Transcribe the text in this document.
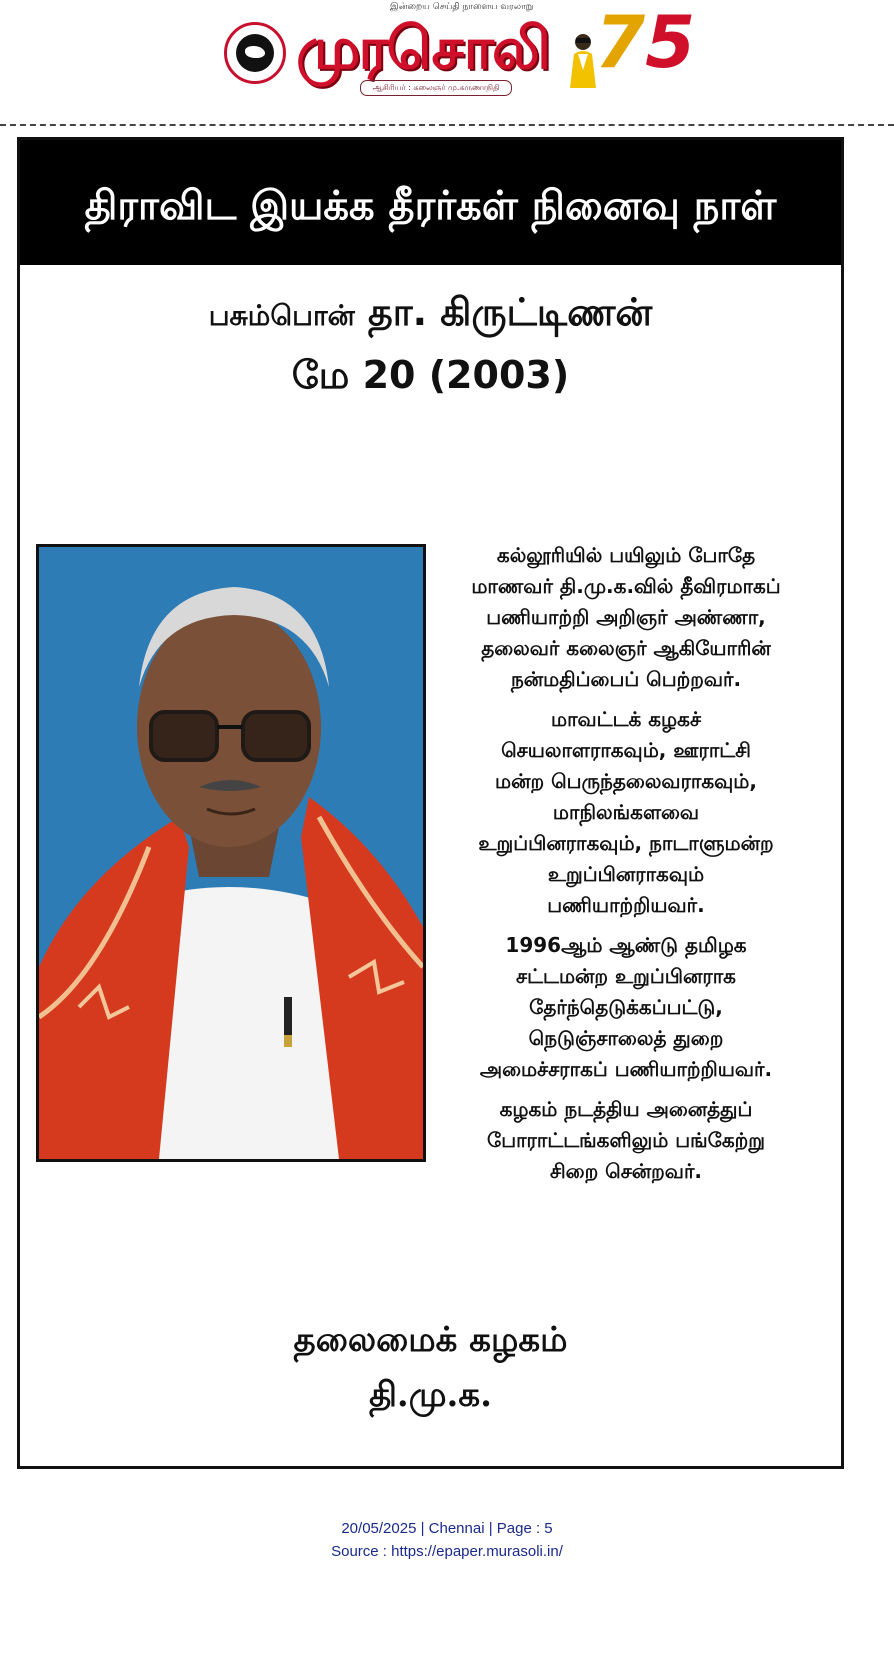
இன்றைய செய்தி நாளைய வரலாறு
முரசொலி
ஆசிரியர் : கலைஞர் மு.கருணாநிதி
75
திராவிட இயக்க தீரர்கள் நினைவு நாள்
பசும்பொன் தா. கிருட்டிணன்
மே 20 (2003)

கல்லூரியில் பயிலும் போதே
மாணவர் தி.மு.க.வில் தீவிரமாகப்
பணியாற்றி அறிஞர் அண்ணா,
தலைவர் கலைஞர் ஆகியோரின்
நன்மதிப்பைப் பெற்றவர்.

மாவட்டக் கழகச்
செயலாளராகவும், ஊராட்சி
மன்ற பெருந்தலைவராகவும்,
மாநிலங்களவை
உறுப்பினராகவும், நாடாளுமன்ற
உறுப்பினராகவும்
பணியாற்றியவர்.

1996ஆம் ஆண்டு தமிழக
சட்டமன்ற உறுப்பினராக
தேர்ந்தெடுக்கப்பட்டு,
நெடுஞ்சாலைத் துறை
அமைச்சராகப் பணியாற்றியவர்.

கழகம் நடத்திய அனைத்துப்
போராட்டங்களிலும் பங்கேற்று
சிறை சென்றவர்.

தலைமைக் கழகம்
தி.மு.க.
20/05/2025 | Chennai | Page : 5
Source : https://epaper.murasoli.in/
